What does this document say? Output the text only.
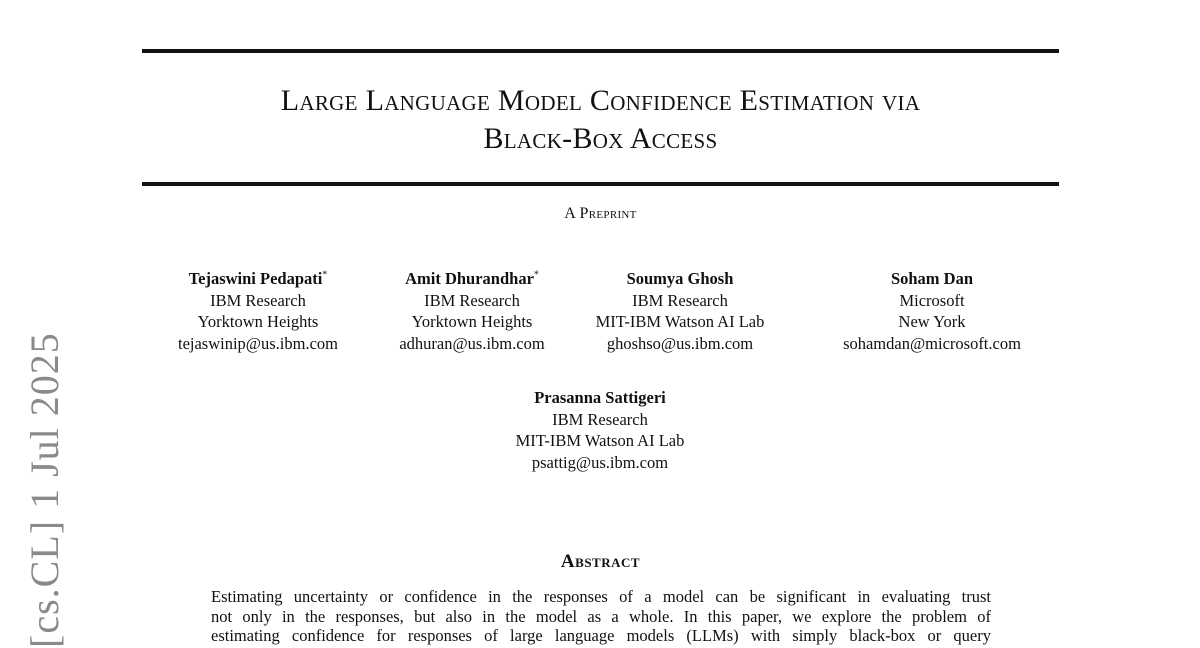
Large Language Model Confidence Estimation via
Black-Box Access
A Preprint
Tejaswini Pedapati*
IBM Research
Yorktown Heights
tejaswinip@us.ibm.com
Amit Dhurandhar*
IBM Research
Yorktown Heights
adhuran@us.ibm.com
Soumya Ghosh
IBM Research
MIT-IBM Watson AI Lab
ghoshso@us.ibm.com
Soham Dan
Microsoft
New York
sohamdan@microsoft.com
Prasanna Sattigeri
IBM Research
MIT-IBM Watson AI Lab
psattig@us.ibm.com
Abstract
Estimating uncertainty or confidence in the responses of a model can be significant in evaluating trust
not only in the responses, but also in the model as a whole. In this paper, we explore the problem of
estimating confidence for responses of large language models (LLMs) with simply black-box or query
[cs.CL] 1 Jul 2025
